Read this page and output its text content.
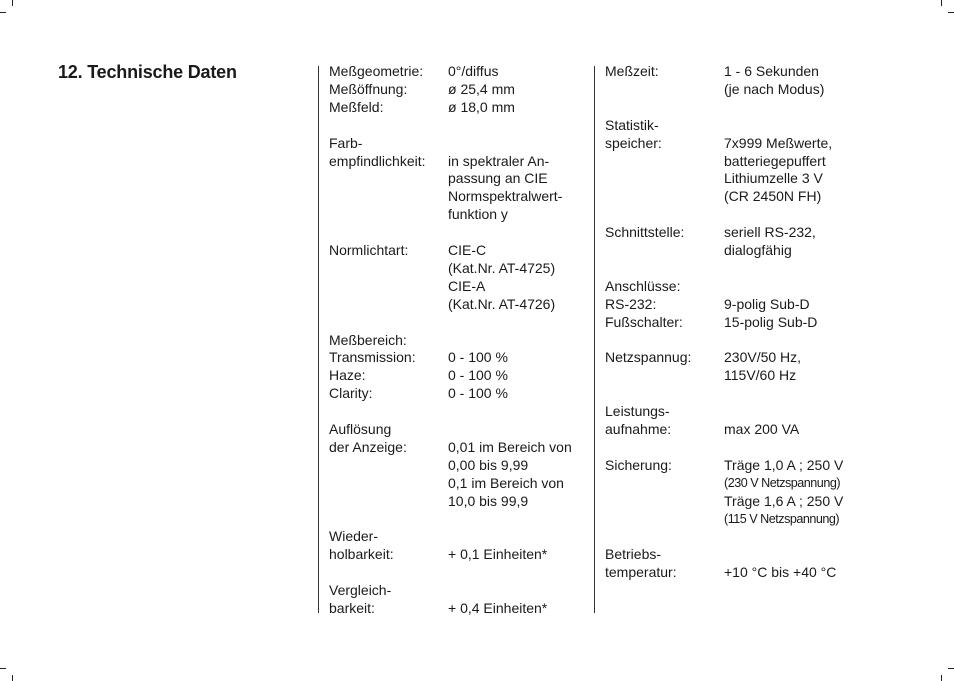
12. Technische Daten	Meßgeometrie:	0°/diffus
Meßöffnung:	ø 25,4 mm
Meßfeld:	ø 18,0 mm
Farb-
empfindlichkeit:	in spektraler An-
passung an CIE
Normspektralwert-
funktion y
Normlichtart:	CIE-C
(Kat.Nr. AT-4725)
CIE-A
(Kat.Nr. AT-4726)
Meßbereich:
Transmission:	0 - 100 %
Haze:	0 - 100 %
Clarity:	0 - 100 %
Auflösung
der Anzeige:	0,01 im Bereich von
0,00 bis 9,99
0,1 im Bereich von
10,0 bis 99,9
Wieder-
holbarkeit:	+ 0,1 Einheiten*
Vergleich-
barkeit:	+ 0,4 Einheiten*
Meßzeit:	1 - 6 Sekunden
(je nach Modus)
Statistik-
speicher:	7x999 Meßwerte,
batteriegepuffert
Lithiumzelle 3 V
(CR 2450N FH)
Schnittstelle:	seriell RS-232,
dialogfähig
Anschlüsse:
RS-232:	9-polig Sub-D
Fußschalter:	15-polig Sub-D
Netzspannug:	230V/50 Hz,
115V/60 Hz
Leistungs-
aufnahme:	max 200 VA
Sicherung:	Träge 1,0 A ; 250 V
(230 V Netzspannung)
Träge 1,6 A ; 250 V
(115 V Netzspannung)
Betriebs-
temperatur:	+10 °C bis +40 °C
